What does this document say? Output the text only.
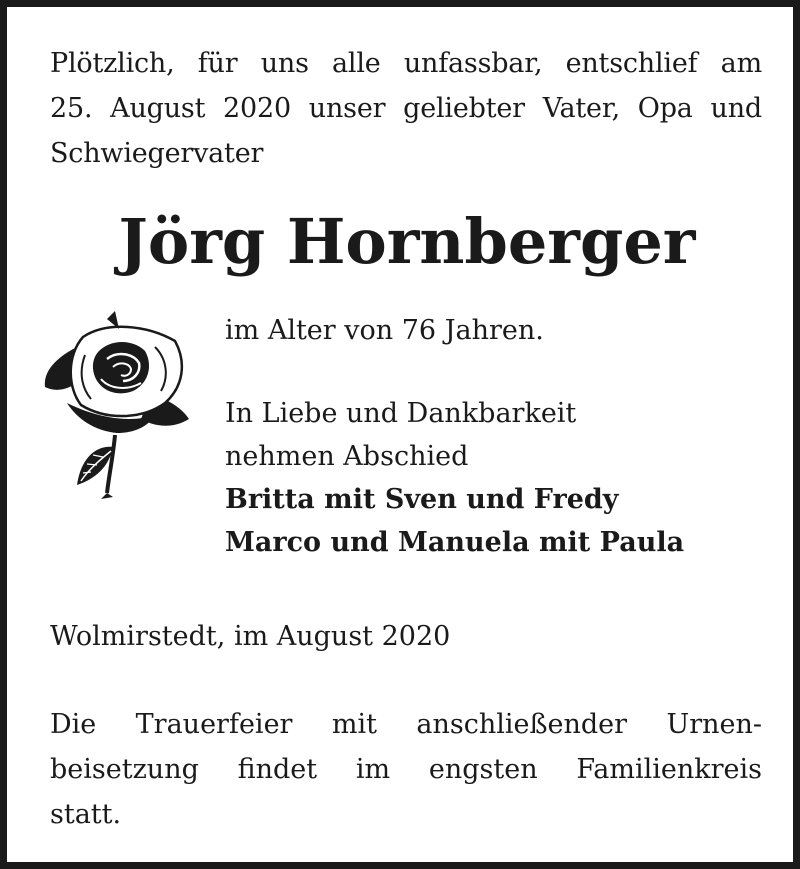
Plötzlich, für uns alle unfassbar, entschlief am
25. August 2020 unser geliebter Vater, Opa und
Schwiegervater
Jörg Hornberger
im Alter von 76 Jahren.
In Liebe und Dankbarkeit
nehmen Abschied
Britta mit Sven und Fredy
Marco und Manuela mit Paula
Wolmirstedt, im August 2020
Die Trauerfeier mit anschließender Urnen-
beisetzung findet im engsten Familienkreis
statt.
